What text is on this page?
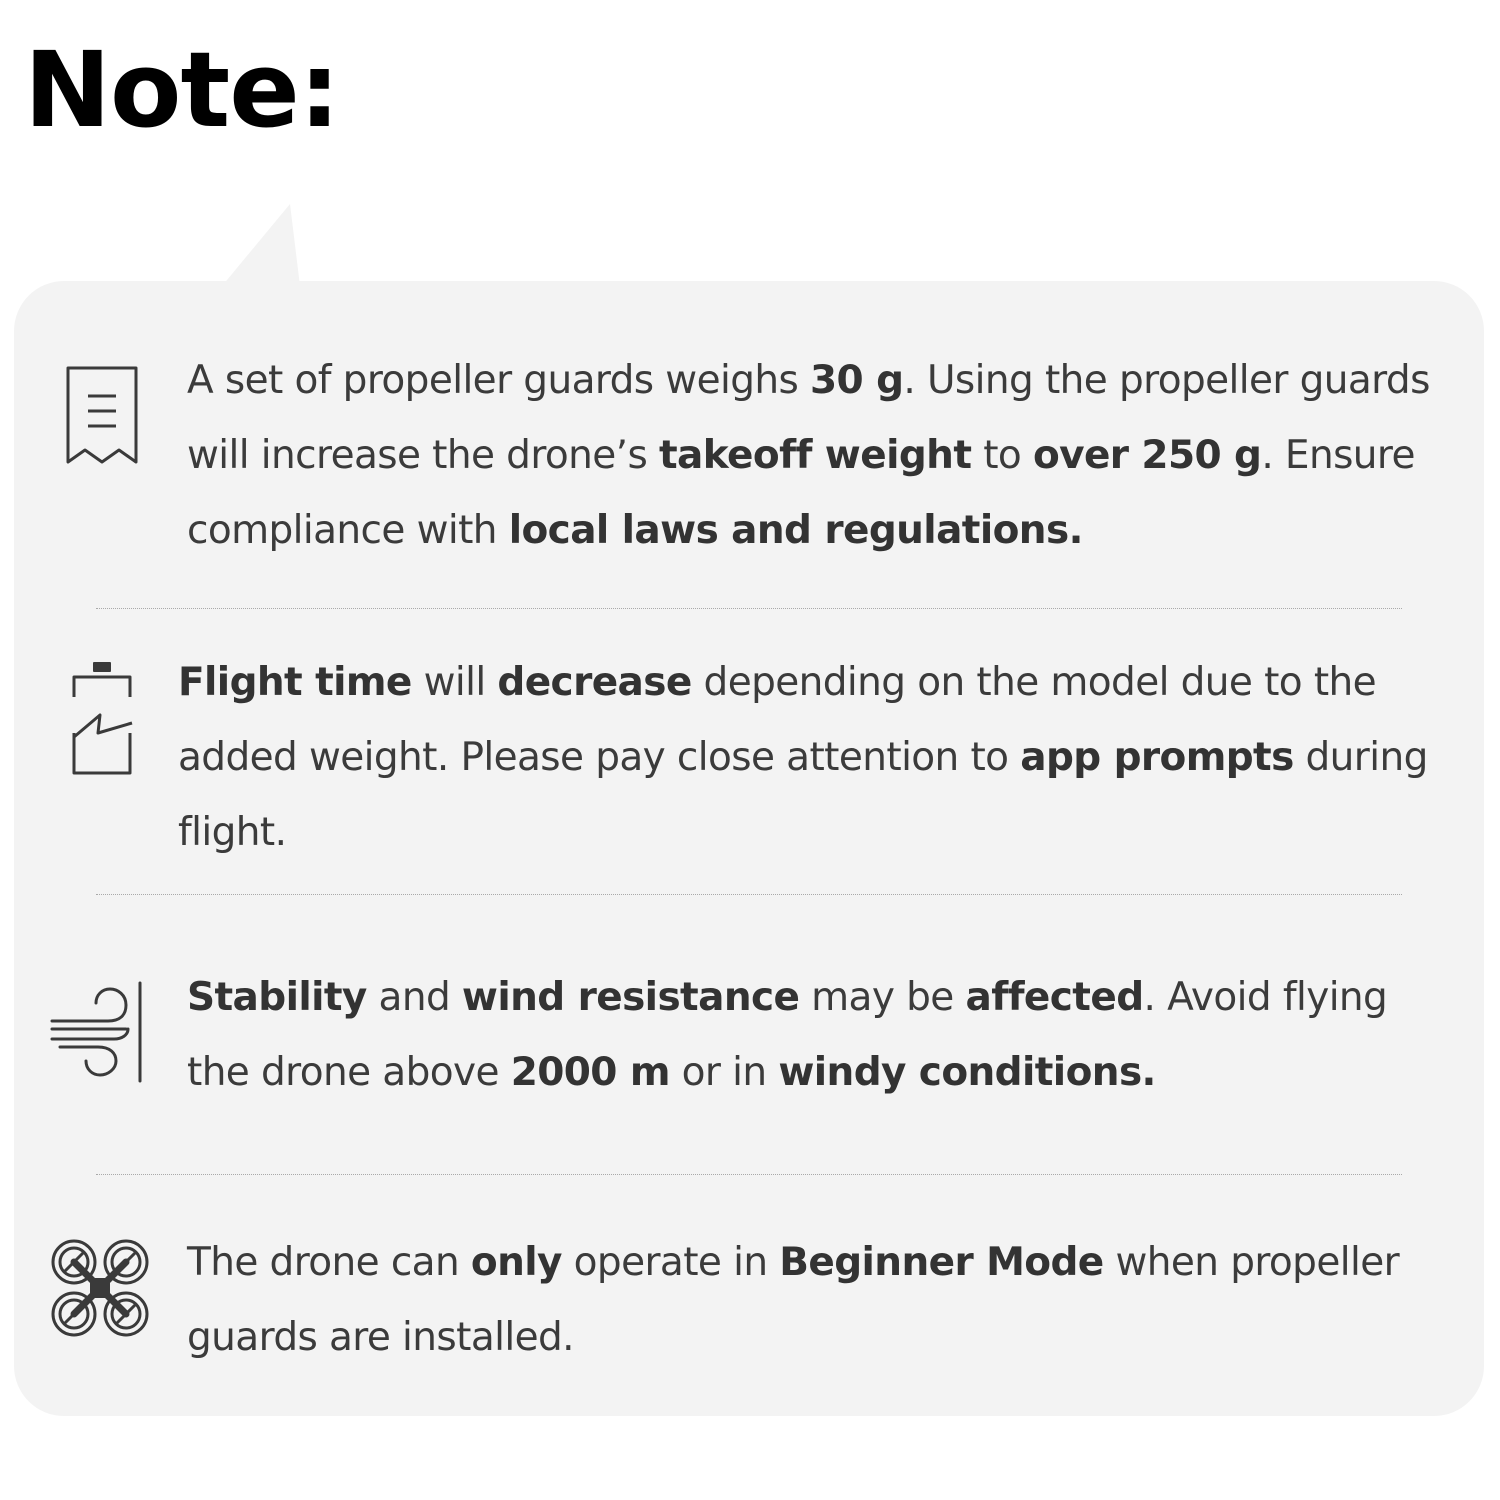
Note:

A set of propeller guards weighs 30 g. Using the propeller guards will increase the drone’s takeoff weight to over 250 g. Ensure compliance with local laws and regulations.

Flight time will decrease depending on the model due to the added weight. Please pay close attention to app prompts during flight.

Stability and wind resistance may be affected. Avoid flying the drone above 2000 m or in windy conditions.

The drone can only operate in Beginner Mode when propeller guards are installed.
